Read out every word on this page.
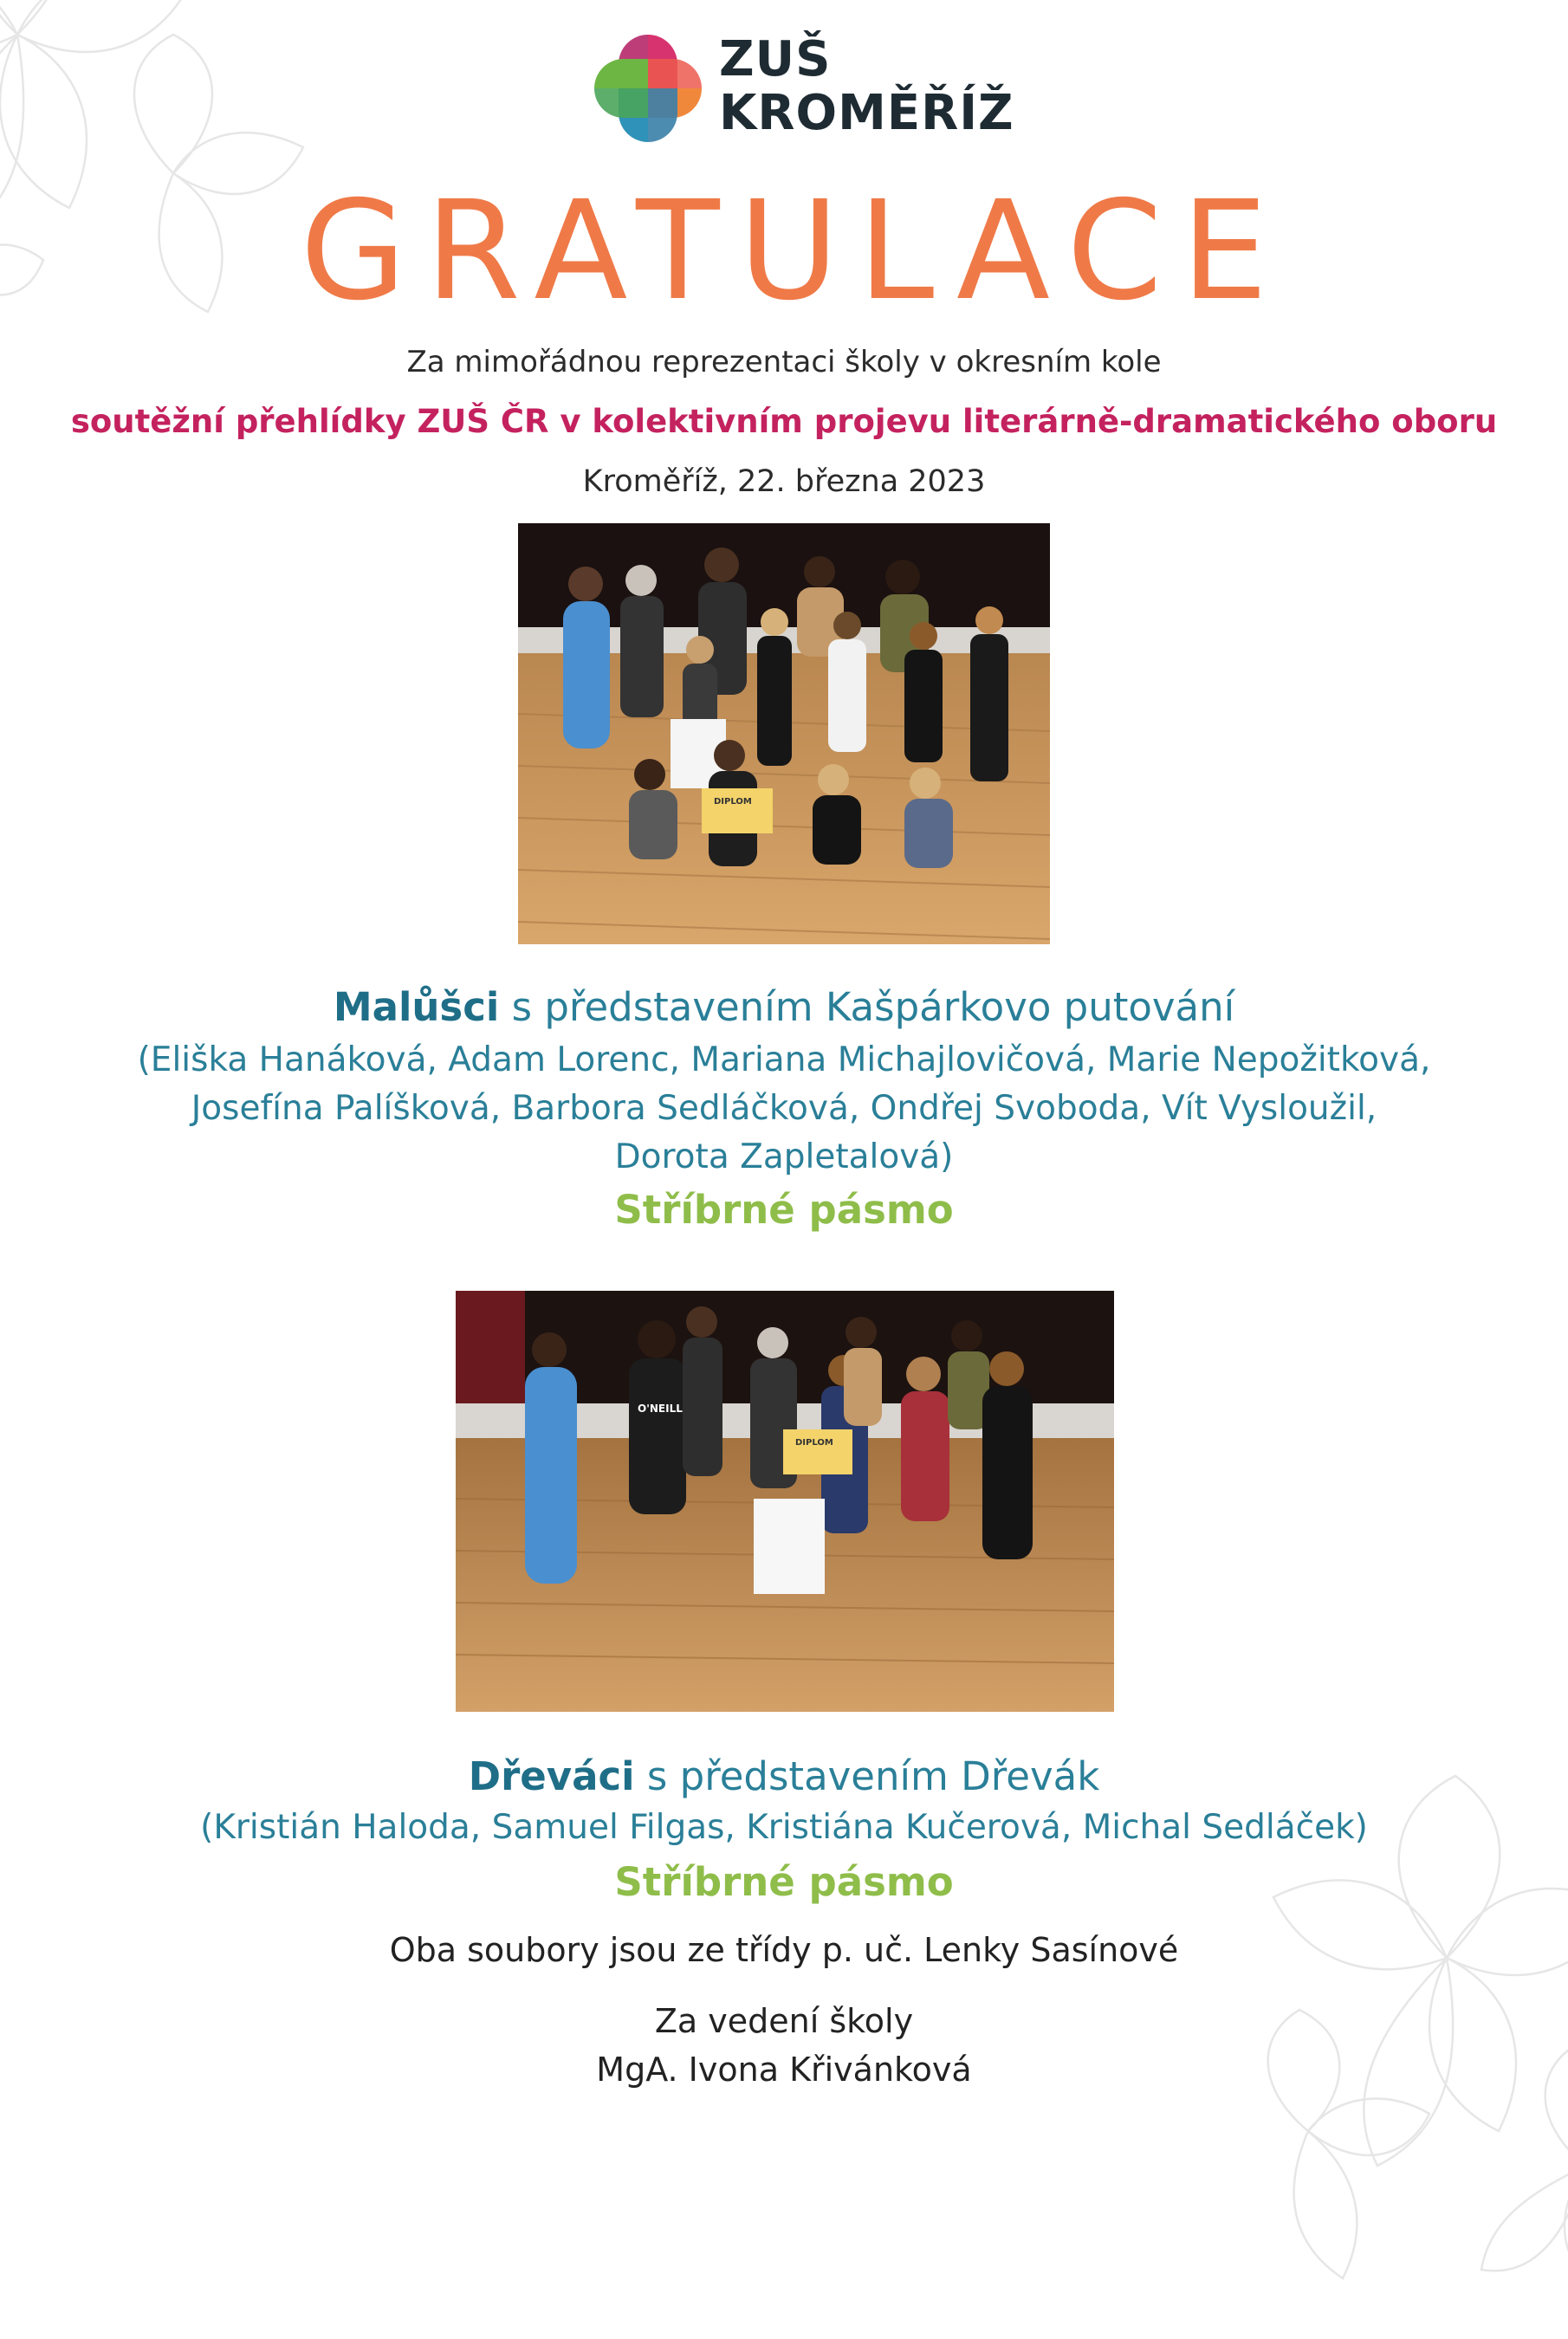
ZUŠ
KROMĚŘÍŽ
GRATULACE
Za mimořádnou reprezentaci školy v okresním kole
soutěžní přehlídky ZUŠ ČR v kolektivním projevu literárně-dramatického oboru
Kroměříž, 22. března 2023
DIPLOM
Malůšci s představením Kašpárkovo putování
(Eliška Hanáková, Adam Lorenc, Mariana Michajlovičová, Marie Nepožitková,
Josefína Palíšková, Barbora Sedláčková, Ondřej Svoboda, Vít Vysloužil,
Dorota Zapletalová)
Stříbrné pásmo
O'NEILL
DIPLOM
Dřeváci s představením Dřevák
(Kristián Haloda, Samuel Filgas, Kristiána Kučerová, Michal Sedláček)
Stříbrné pásmo
Oba soubory jsou ze třídy p. uč. Lenky Sasínové
Za vedení školy
MgA. Ivona Křivánková
